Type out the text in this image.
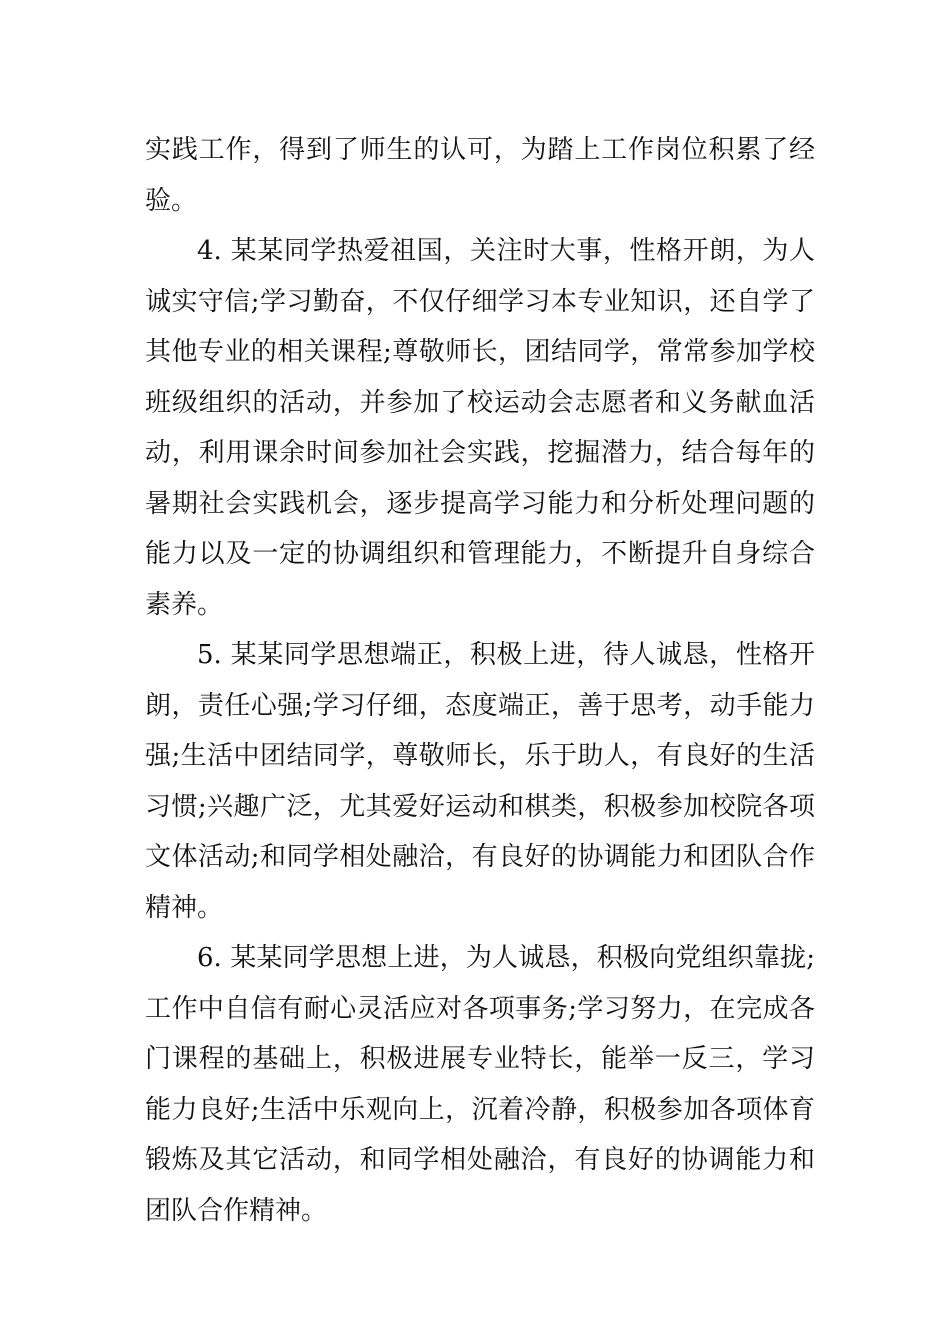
实践工作，得到了师生的认可，为踏上工作岗位积累了经验。

4. 某某同学热爱祖国，关注时大事，性格开朗，为人诚实守信;学习勤奋，不仅仔细学习本专业知识，还自学了其他专业的相关课程;尊敬师长，团结同学，常常参加学校班级组织的活动，并参加了校运动会志愿者和义务献血活动，利用课余时间参加社会实践，挖掘潜力，结合每年的暑期社会实践机会，逐步提高学习能力和分析处理问题的能力以及一定的协调组织和管理能力，不断提升自身综合素养。

5. 某某同学思想端正，积极上进，待人诚恳，性格开朗，责任心强;学习仔细，态度端正，善于思考，动手能力强;生活中团结同学，尊敬师长，乐于助人，有良好的生活习惯;兴趣广泛，尤其爱好运动和棋类，积极参加校院各项文体活动;和同学相处融洽，有良好的协调能力和团队合作精神。

6. 某某同学思想上进，为人诚恳，积极向党组织靠拢;工作中自信有耐心灵活应对各项事务;学习努力，在完成各门课程的基础上，积极进展专业特长，能举一反三，学习能力良好;生活中乐观向上，沉着冷静，积极参加各项体育锻炼及其它活动，和同学相处融洽，有良好的协调能力和团队合作精神。
